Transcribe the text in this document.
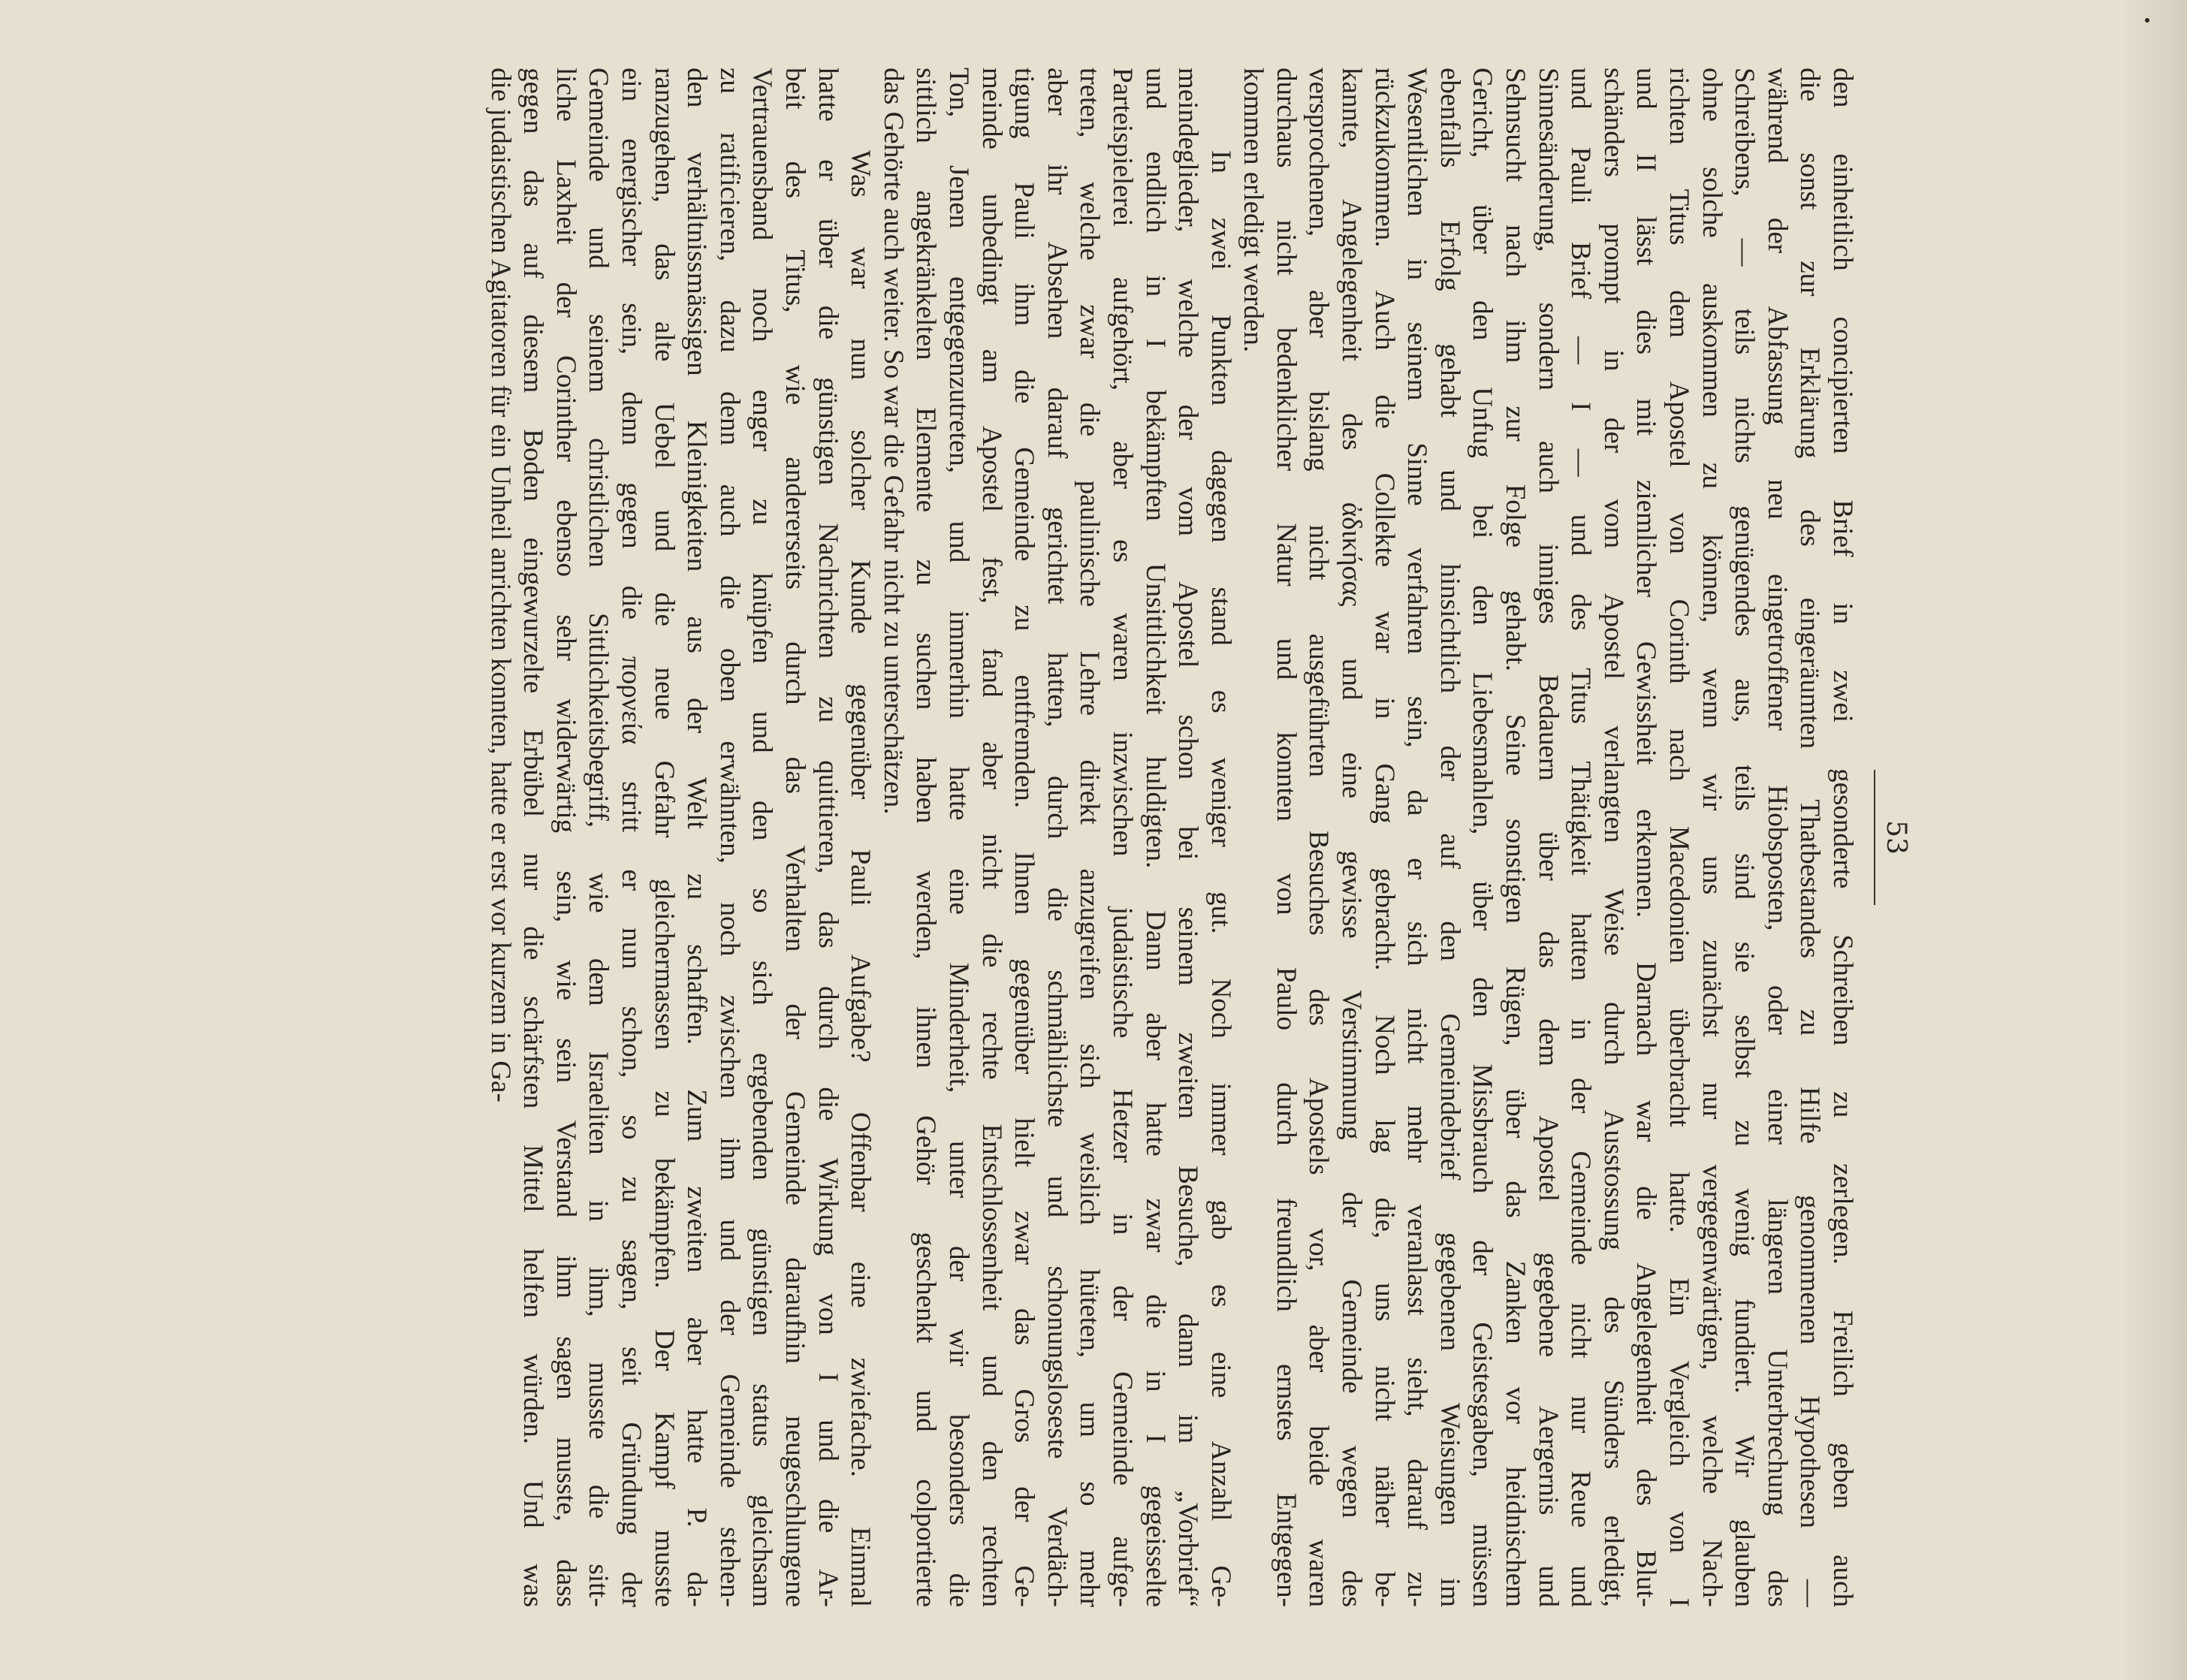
53
den einheitlich concipierten Brief in zwei gesonderte Schreiben zu zerlegen. Freilich geben auch
die sonst zur Erklärung des eingeräumten Thatbestandes zu Hilfe genommenen Hypothesen —
während der Abfassung neu eingetroffener Hiobsposten, oder einer längeren Unterbrechung des
Schreibens, — teils nichts genügendes aus, teils sind sie selbst zu wenig fundiert. Wir glauben
ohne solche auskommen zu können, wenn wir uns zunächst nur vergegenwärtigen, welche Nach-
richten Titus dem Apostel von Corinth nach Macedonien überbracht hatte. Ein Vergleich von I
und II lässt dies mit ziemlicher Gewissheit erkennen. Darnach war die Angelegenheit des Blut-
schänders prompt in der vom Apostel verlangten Weise durch Ausstossung des Sünders erledigt,
und Pauli Brief — I — und des Titus Thätigkeit hatten in der Gemeinde nicht nur Reue und
Sinnesänderung, sondern auch inniges Bedauern über das dem Apostel gegebene Aergernis und
Sehnsucht nach ihm zur Folge gehabt. Seine sonstigen Rügen, über das Zanken vor heidnischem
Gericht, über den Unfug bei den Liebesmahlen, über den Missbrauch der Geistesgaben, müssen
ebenfalls Erfolg gehabt und hinsichtlich der auf den Gemeindebrief gegebenen Weisungen im
Wesentlichen in seinem Sinne verfahren sein, da er sich nicht mehr veranlasst sieht, darauf zu-
rückzukommen. Auch die Collekte war in Gang gebracht. Noch lag die, uns nicht näher be-
kannte, Angelegenheit des ἀδικήσας und eine gewisse Verstimmung der Gemeinde wegen des
versprochenen, aber bislang nicht ausgeführten Besuches des Apostels vor, aber beide waren
durchaus nicht bedenklicher Natur und konnten von Paulo durch freundlich ernstes Entgegen-
kommen erledigt werden.
In zwei Punkten dagegen stand es weniger gut. Noch immer gab es eine Anzahl Ge-
meindeglieder, welche der vom Apostel schon bei seinem zweiten Besuche, dann im „Vorbrief“
und endlich in I bekämpften Unsittlichkeit huldigten. Dann aber hatte zwar die in I gegeisselte
Parteispielerei aufgehört, aber es waren inzwischen judaistische Hetzer in der Gemeinde aufge-
treten, welche zwar die paulinische Lehre direkt anzugreifen sich weislich hüteten, um so mehr
aber ihr Absehen darauf gerichtet hatten, durch die schmählichste und schonungsloseste Verdäch-
tigung Pauli ihm die Gemeinde zu entfremden. Ihnen gegenüber hielt zwar das Gros der Ge-
meinde unbedingt am Apostel fest, fand aber nicht die rechte Entschlossenheit und den rechten
Ton, Jenen entgegenzutreten, und immerhin hatte eine Minderheit, unter der wir besonders die
sittlich angekränkelten Elemente zu suchen haben werden, ihnen Gehör geschenkt und colportierte
das Gehörte auch weiter. So war die Gefahr nicht zu unterschätzen.
Was war nun solcher Kunde gegenüber Pauli Aufgabe? Offenbar eine zwiefache. Einmal
hatte er über die günstigen Nachrichten zu quittieren, das durch die Wirkung von I und die Ar-
beit des Titus, wie andererseits durch das Verhalten der Gemeinde daraufhin neugeschlungene
Vertrauensband noch enger zu knüpfen und den so sich ergebenden günstigen status gleichsam
zu ratificieren, dazu denn auch die oben erwähnten, noch zwischen ihm und der Gemeinde stehen-
den verhältnissmässigen Kleinigkeiten aus der Welt zu schaffen. Zum zweiten aber hatte P. da-
ranzugehen, das alte Uebel und die neue Gefahr gleichermassen zu bekämpfen. Der Kampf musste
ein energischer sein, denn gegen die πορνεία stritt er nun schon, so zu sagen, seit Gründung der
Gemeinde und seinem christlichen Sittlichkeitsbegriff, wie dem Israeliten in ihm, musste die sitt-
liche Laxheit der Corinther ebenso sehr widerwärtig sein, wie sein Verstand ihm sagen musste, dass
gegen das auf diesem Boden eingewurzelte Erbübel nur die schärfsten Mittel helfen würden. Und was
die judaistischen Agitatoren für ein Unheil anrichten konnten, hatte er erst vor kurzem in Ga-
